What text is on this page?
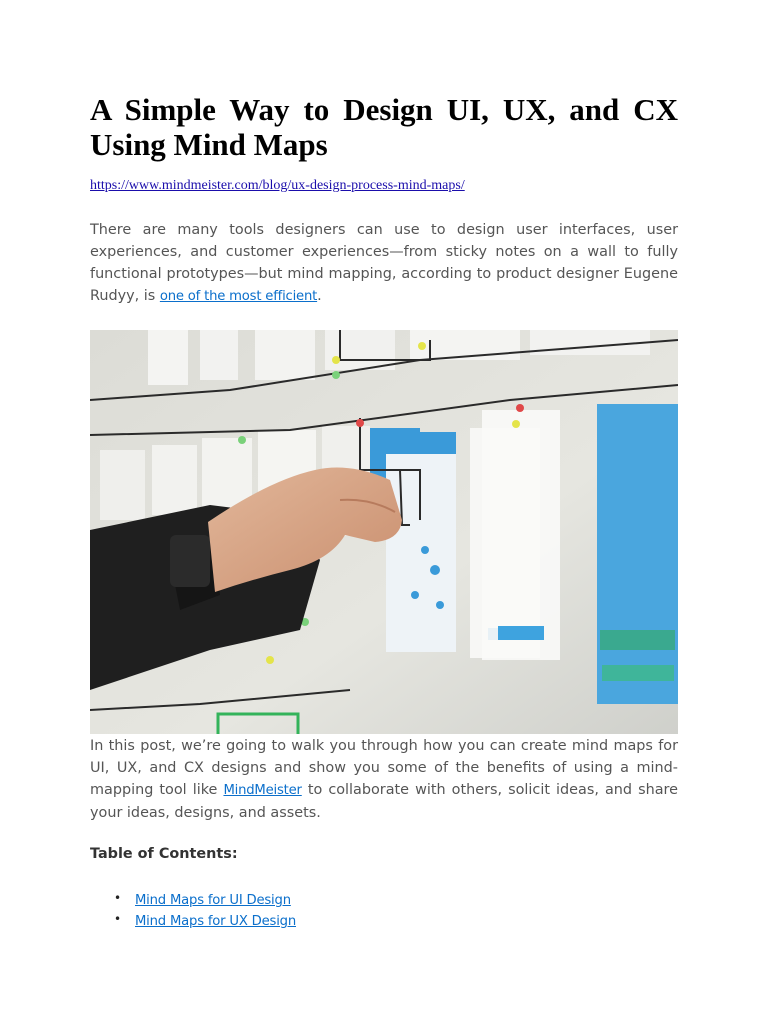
A Simple Way to Design UI, UX, and CX Using Mind Maps
https://www.mindmeister.com/blog/ux-design-process-mind-maps/

There are many tools designers can use to design user interfaces, user experiences, and customer experiences—from sticky notes on a wall to fully functional prototypes—but mind mapping, according to product designer Eugene Rudyy, is one of the most efficient.

In this post, we’re going to walk you through how you can create mind maps for UI, UX, and CX designs and show you some of the benefits of using a mind-mapping tool like MindMeister to collaborate with others, solicit ideas, and share your ideas, designs, and assets.

Table of Contents:
• Mind Maps for UI Design
• Mind Maps for UX Design
